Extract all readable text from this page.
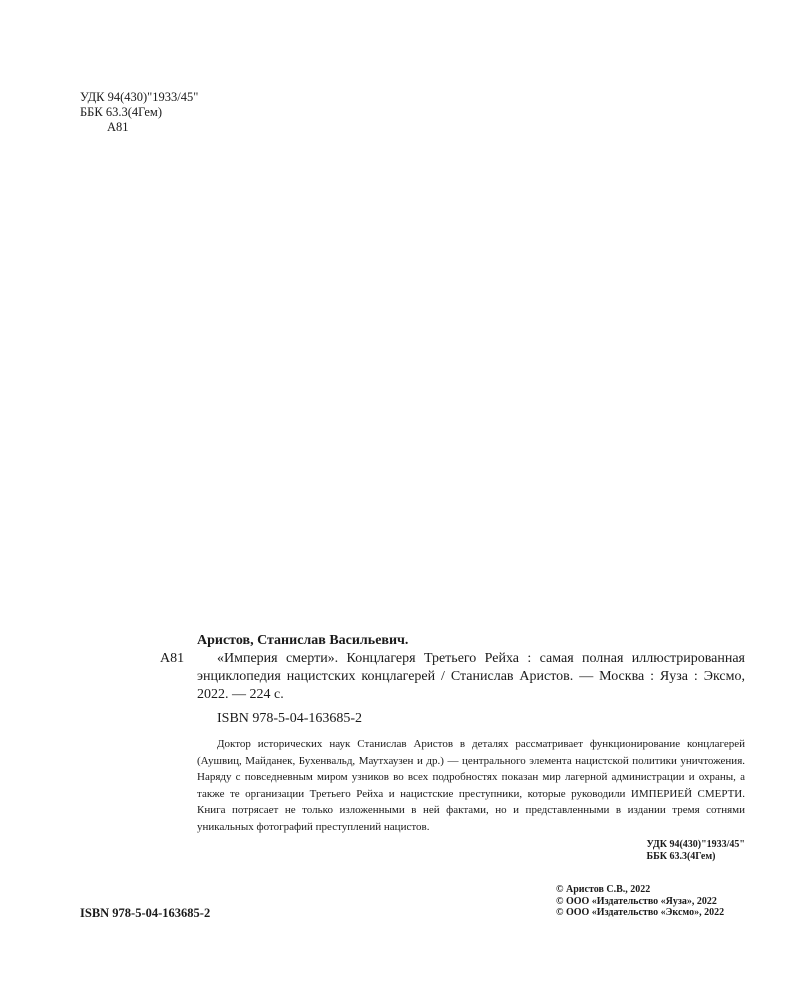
УДК 94(430)"1933/45"
ББК 63.3(4Гем)
А81
Аристов, Станислав Васильевич.
А81	«Империя смерти». Концлагеря Третьего Рейха : самая полная иллюстрированная энциклопедия нацистских концлагерей / Станислав Аристов. — Москва : Яуза : Эксмо, 2022. — 224 с.
ISBN 978-5-04-163685-2
Доктор исторических наук Станислав Аристов в деталях рассматривает функционирование концлагерей (Аушвиц, Майданек, Бухенвальд, Маутхаузен и др.) — центрального элемента нацистской политики уничтожения. Наряду с повседневным миром узников во всех подробностях показан мир лагерной администрации и охраны, а также те организации Третьего Рейха и нацистские преступники, которые руководили ИМПЕРИЕЙ СМЕРТИ. Книга потрясает не только изложенными в ней фактами, но и представленными в издании тремя сотнями уникальных фотографий преступлений нацистов.
УДК 94(430)"1933/45"
ББК 63.3(4Гем)
ISBN 978-5-04-163685-2
© Аристов С.В., 2022
© ООО «Издательство «Яуза», 2022
© ООО «Издательство «Эксмо», 2022
